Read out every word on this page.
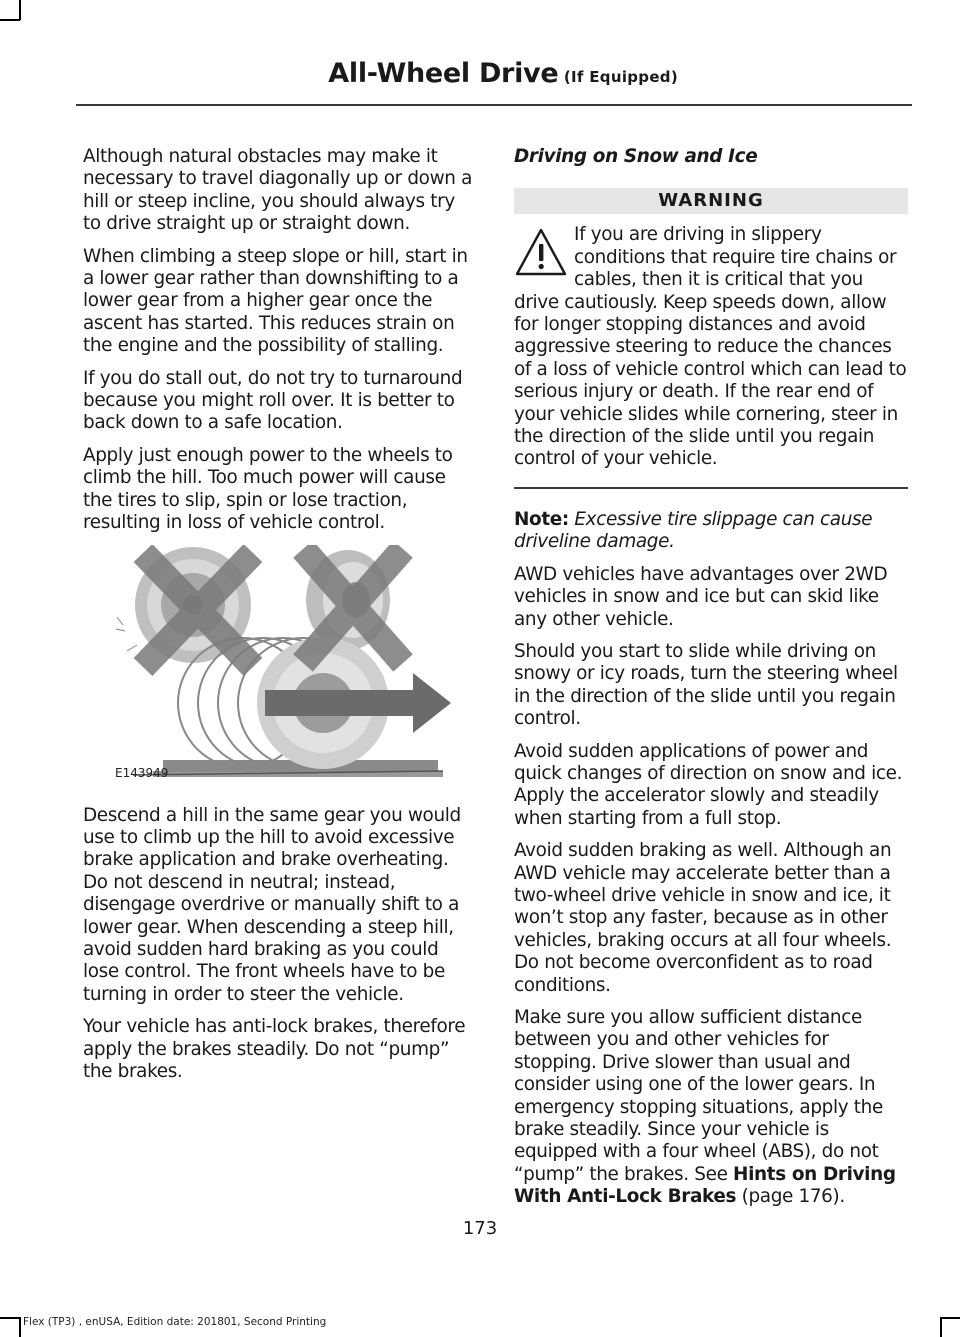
All-Wheel Drive (If Equipped)

Although natural obstacles may make it necessary to travel diagonally up or down a hill or steep incline, you should always try to drive straight up or straight down.

When climbing a steep slope or hill, start in a lower gear rather than downshifting to a lower gear from a higher gear once the ascent has started. This reduces strain on the engine and the possibility of stalling.

If you do stall out, do not try to turnaround because you might roll over. It is better to back down to a safe location.

Apply just enough power to the wheels to climb the hill. Too much power will cause the tires to slip, spin or lose traction, resulting in loss of vehicle control.

E143949

Descend a hill in the same gear you would use to climb up the hill to avoid excessive brake application and brake overheating. Do not descend in neutral; instead, disengage overdrive or manually shift to a lower gear. When descending a steep hill, avoid sudden hard braking as you could lose control. The front wheels have to be turning in order to steer the vehicle.

Your vehicle has anti-lock brakes, therefore apply the brakes steadily. Do not “pump” the brakes.

Driving on Snow and Ice

WARNING
If you are driving in slippery conditions that require tire chains or cables, then it is critical that you drive cautiously. Keep speeds down, allow for longer stopping distances and avoid aggressive steering to reduce the chances of a loss of vehicle control which can lead to serious injury or death. If the rear end of your vehicle slides while cornering, steer in the direction of the slide until you regain control of your vehicle.

Note: Excessive tire slippage can cause driveline damage.

AWD vehicles have advantages over 2WD vehicles in snow and ice but can skid like any other vehicle.

Should you start to slide while driving on snowy or icy roads, turn the steering wheel in the direction of the slide until you regain control.

Avoid sudden applications of power and quick changes of direction on snow and ice. Apply the accelerator slowly and steadily when starting from a full stop.

Avoid sudden braking as well. Although an AWD vehicle may accelerate better than a two-wheel drive vehicle in snow and ice, it won’t stop any faster, because as in other vehicles, braking occurs at all four wheels. Do not become overconfident as to road conditions.

Make sure you allow sufficient distance between you and other vehicles for stopping. Drive slower than usual and consider using one of the lower gears. In emergency stopping situations, apply the brake steadily. Since your vehicle is equipped with a four wheel (ABS), do not “pump” the brakes. See Hints on Driving With Anti-Lock Brakes (page 176).

173
Flex (TP3) , enUSA, Edition date: 201801, Second Printing
